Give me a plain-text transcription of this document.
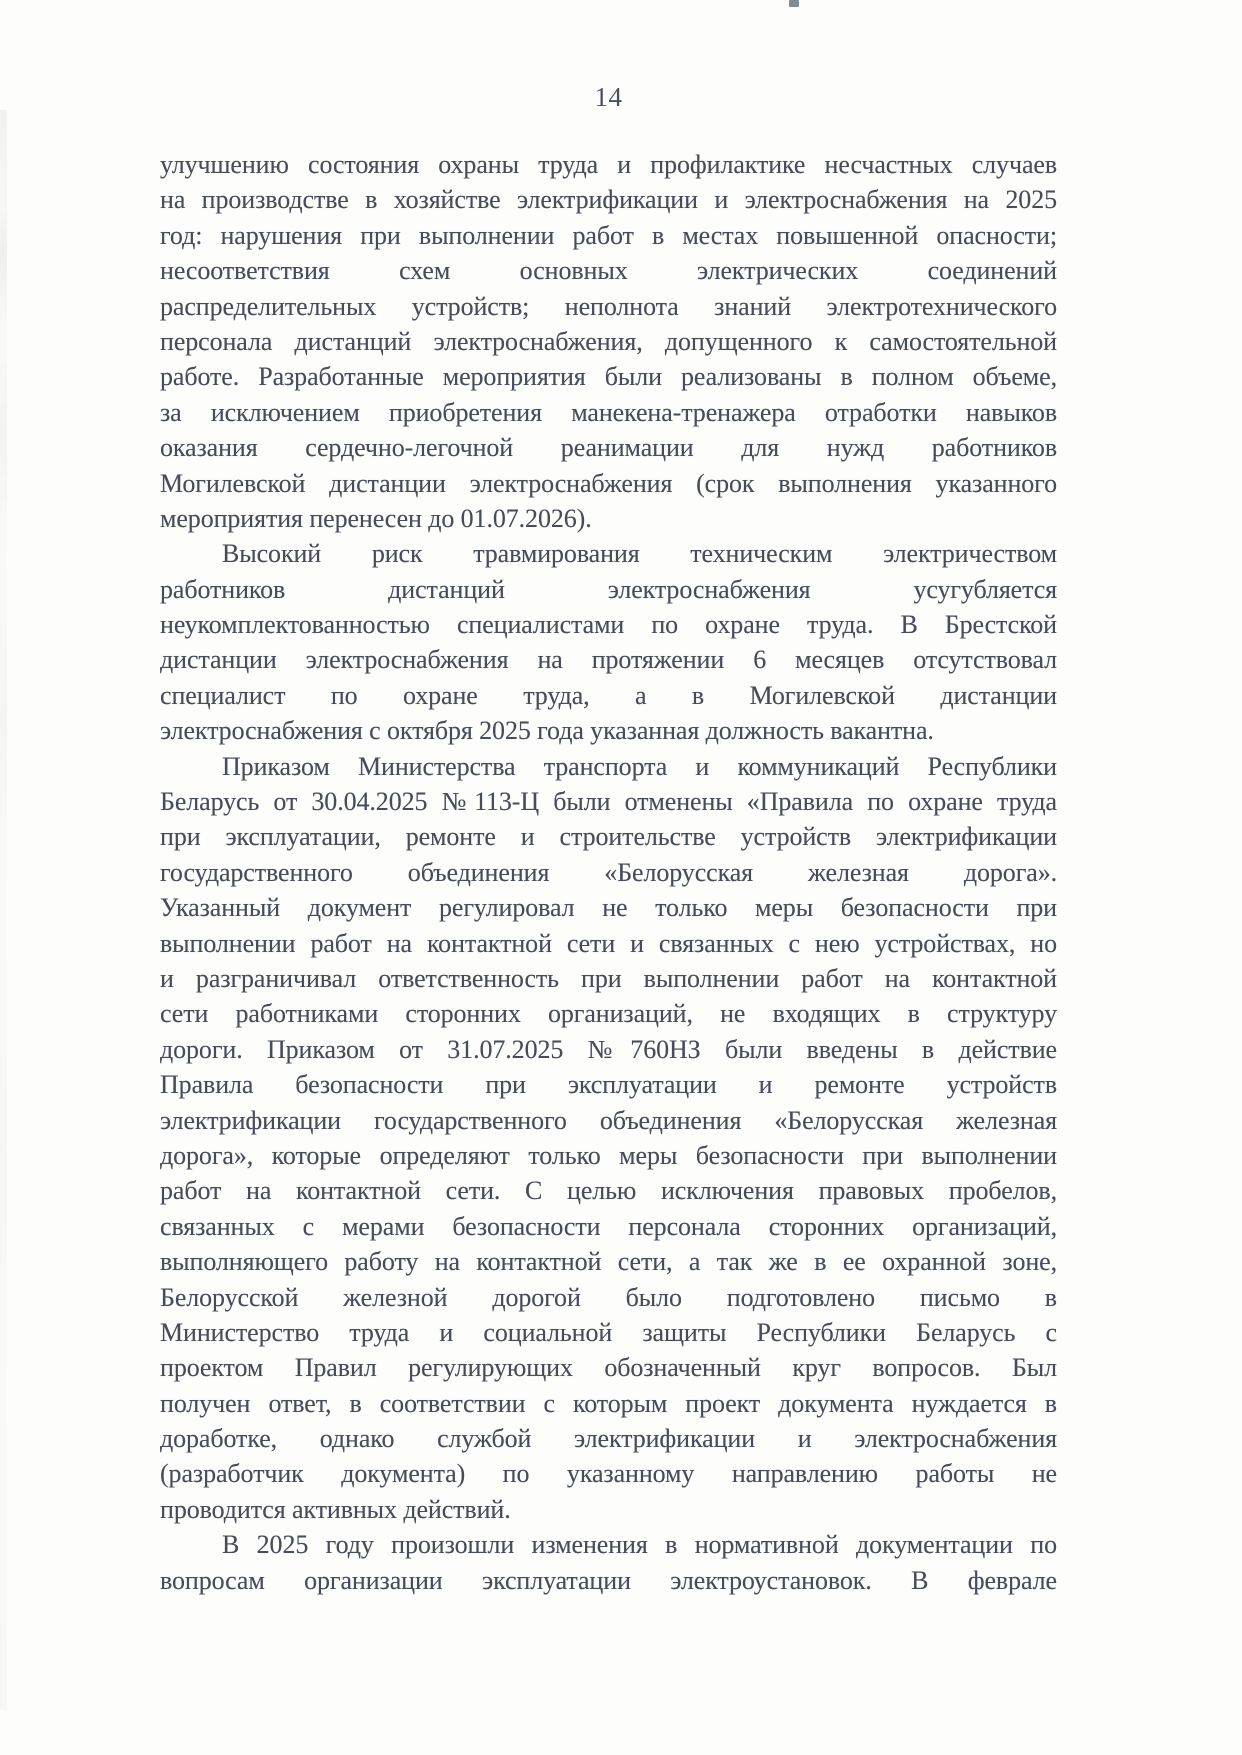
14
улучшению состояния охраны труда и профилактике несчастных случаев
на производстве в хозяйстве электрификации и электроснабжения на 2025
год: нарушения при выполнении работ в местах повышенной опасности;
несоответствия схем основных электрических соединений
распределительных устройств; неполнота знаний электротехнического
персонала дистанций электроснабжения, допущенного к самостоятельной
работе. Разработанные мероприятия были реализованы в полном объеме,
за исключением приобретения манекена-тренажера отработки навыков
оказания сердечно-легочной реанимации для нужд работников
Могилевской дистанции электроснабжения (срок выполнения указанного
мероприятия перенесен до 01.07.2026).
Высокий риск травмирования техническим электричеством
работников дистанций электроснабжения усугубляется
неукомплектованностью специалистами по охране труда. В Брестской
дистанции электроснабжения на протяжении 6 месяцев отсутствовал
специалист по охране труда, а в Могилевской дистанции
электроснабжения с октября 2025 года указанная должность вакантна.
Приказом Министерства транспорта и коммуникаций Республики
Беларусь от 30.04.2025 №113-Ц были отменены «Правила по охране труда
при эксплуатации, ремонте и строительстве устройств электрификации
государственного объединения «Белорусская железная дорога».
Указанный документ регулировал не только меры безопасности при
выполнении работ на контактной сети и связанных с нею устройствах, но
и разграничивал ответственность при выполнении работ на контактной
сети работниками сторонних организаций, не входящих в структуру
дороги. Приказом от 31.07.2025 №760НЗ были введены в действие
Правила безопасности при эксплуатации и ремонте устройств
электрификации государственного объединения «Белорусская железная
дорога», которые определяют только меры безопасности при выполнении
работ на контактной сети. С целью исключения правовых пробелов,
связанных с мерами безопасности персонала сторонних организаций,
выполняющего работу на контактной сети, а так же в ее охранной зоне,
Белорусской железной дорогой было подготовлено письмо в
Министерство труда и социальной защиты Республики Беларусь с
проектом Правил регулирующих обозначенный круг вопросов. Был
получен ответ, в соответствии с которым проект документа нуждается в
доработке, однако службой электрификации и электроснабжения
(разработчик документа) по указанному направлению работы не
проводится активных действий.
В 2025 году произошли изменения в нормативной документации по
вопросам организации эксплуатации электроустановок. В феврале
